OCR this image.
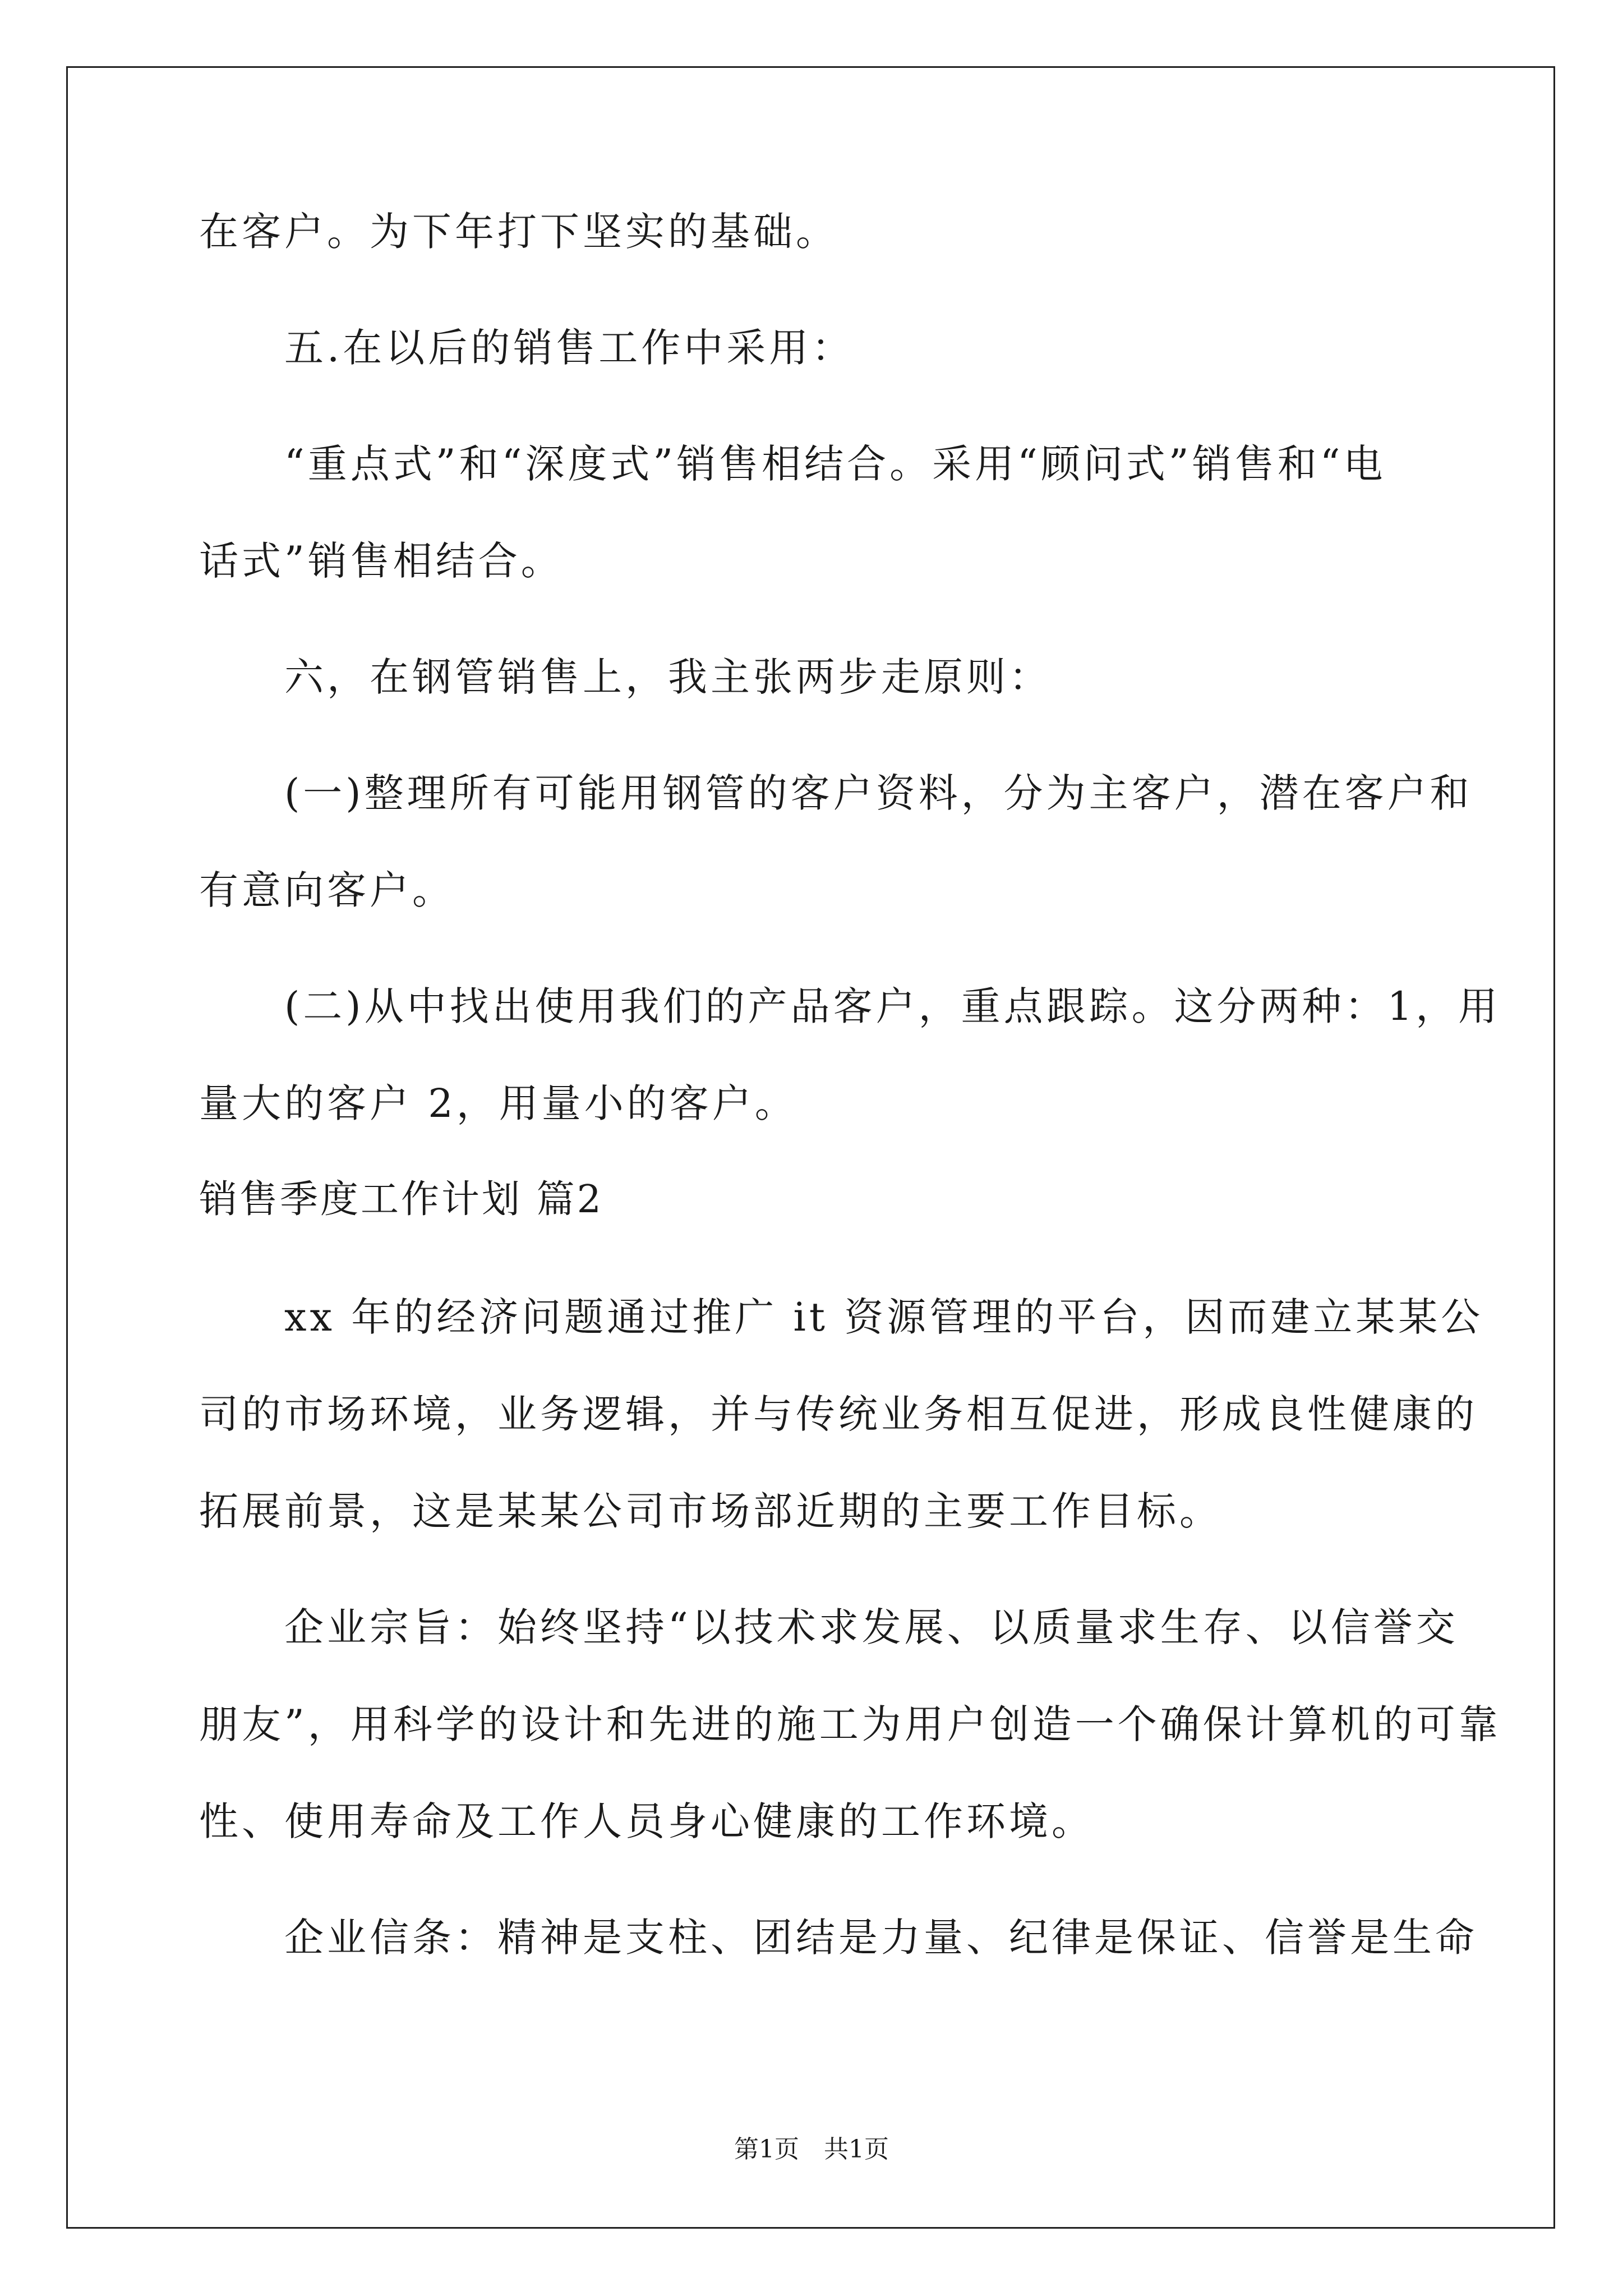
在客户。为下年打下坚实的基础。
　　五.在以后的销售工作中采用：
　　“重点式”和“深度式”销售相结合。采用“顾问式”销售和“电
话式”销售相结合。
　　六，在钢管销售上，我主张两步走原则：
　　(一)整理所有可能用钢管的客户资料，分为主客户，潜在客户和
有意向客户。
　　(二)从中找出使用我们的产品客户，重点跟踪。这分两种：1，用
量大的客户 2，用量小的客户。
销售季度工作计划 篇2
　　xx 年的经济问题通过推广 it 资源管理的平台，因而建立某某公
司的市场环境，业务逻辑，并与传统业务相互促进，形成良性健康的
拓展前景，这是某某公司市场部近期的主要工作目标。
　　企业宗旨：始终坚持“以技术求发展、以质量求生存、以信誉交
朋友”，用科学的设计和先进的施工为用户创造一个确保计算机的可靠
性、使用寿命及工作人员身心健康的工作环境。
　　企业信条：精神是支柱、团结是力量、纪律是保证、信誉是生命
第1页　共1页
